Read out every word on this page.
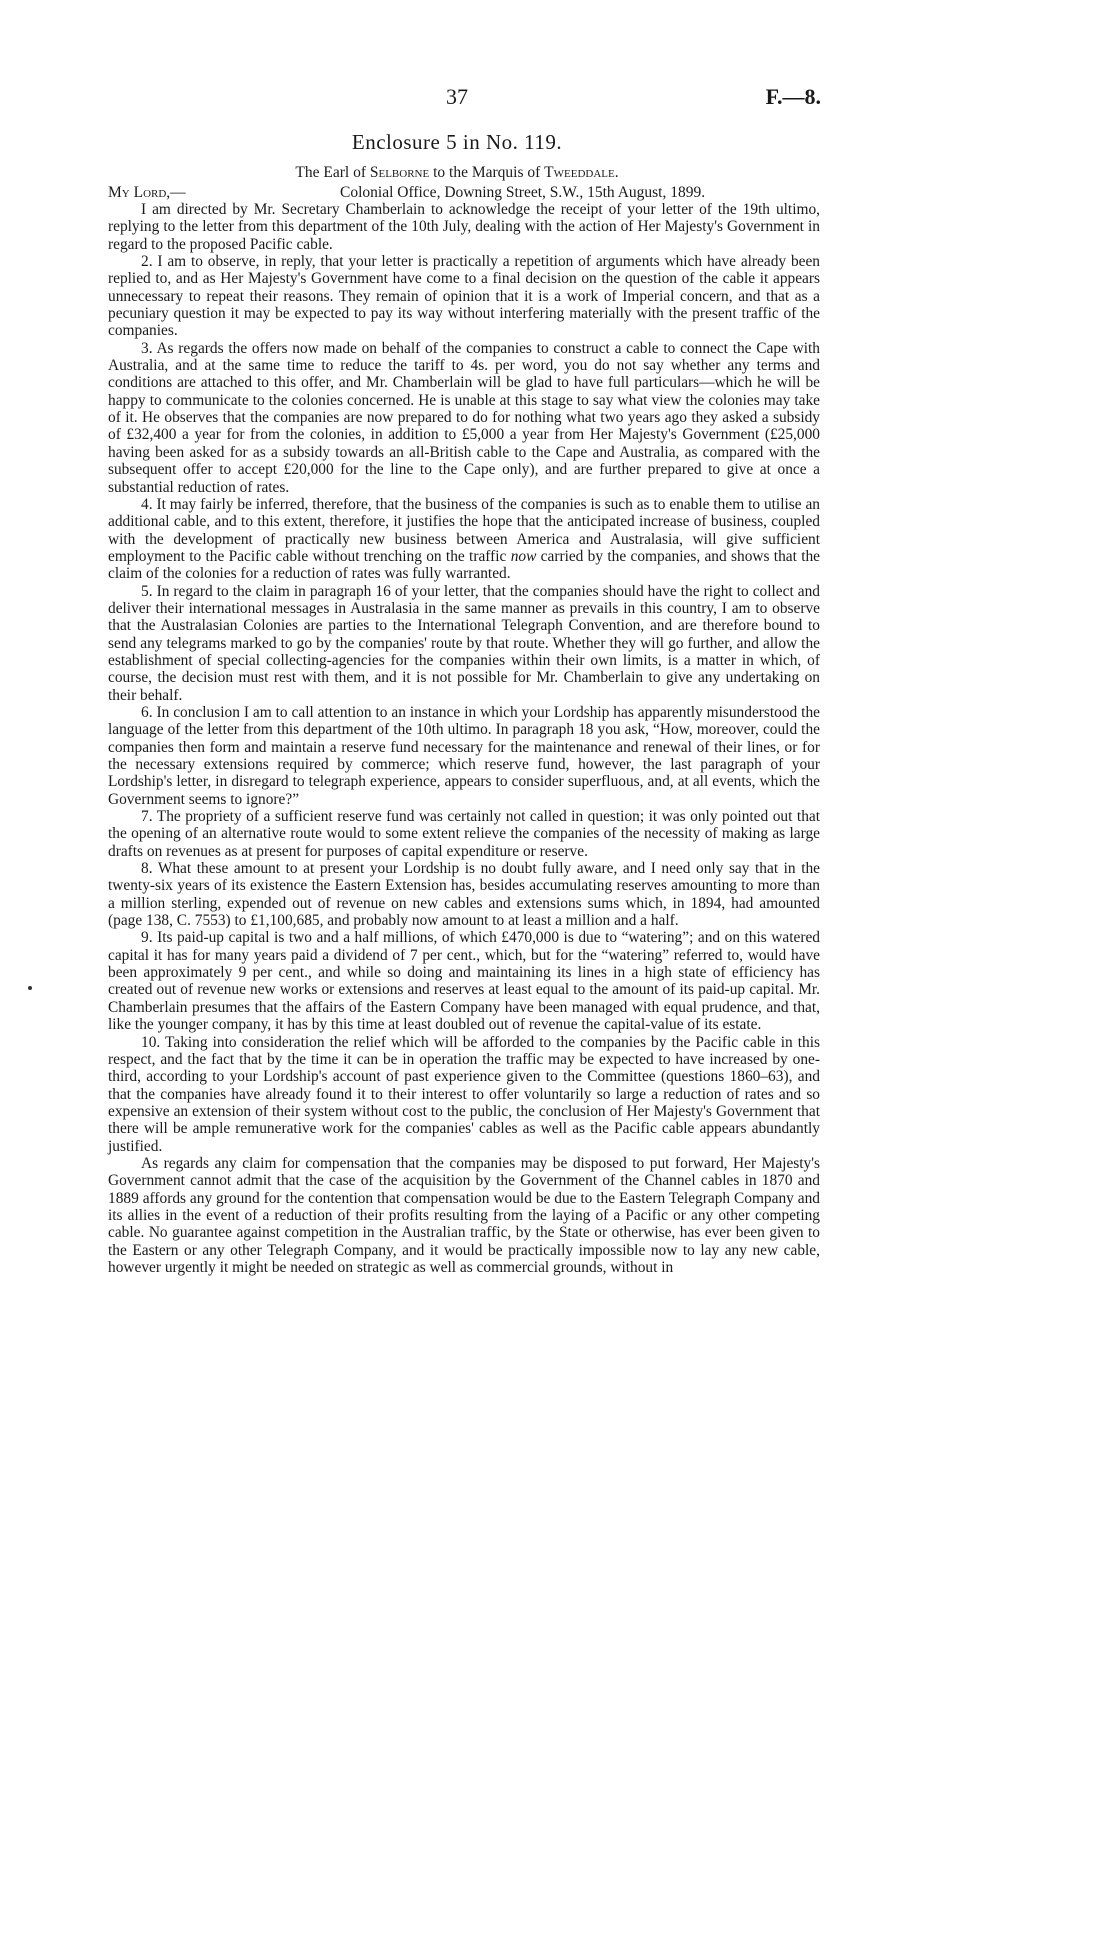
37	F.—8.
Enclosure 5 in No. 119.
The Earl of Selborne to the Marquis of Tweeddale.
My Lord,—	Colonial Office, Downing Street, S.W., 15th August, 1899.

I am directed by Mr. Secretary Chamberlain to acknowledge the receipt of your letter of the 19th ultimo, replying to the letter from this department of the 10th July, dealing with the action of Her Majesty's Government in regard to the proposed Pacific cable.

2. I am to observe, in reply, that your letter is practically a repetition of arguments which have already been replied to, and as Her Majesty's Government have come to a final decision on the question of the cable it appears unnecessary to repeat their reasons. They remain of opinion that it is a work of Imperial concern, and that as a pecuniary question it may be expected to pay its way without interfering materially with the present traffic of the companies.

3. As regards the offers now made on behalf of the companies to construct a cable to connect the Cape with Australia, and at the same time to reduce the tariff to 4s. per word, you do not say whether any terms and conditions are attached to this offer, and Mr. Chamberlain will be glad to have full particulars—which he will be happy to communicate to the colonies concerned. He is unable at this stage to say what view the colonies may take of it. He observes that the companies are now prepared to do for nothing what two years ago they asked a subsidy of £32,400 a year for from the colonies, in addition to £5,000 a year from Her Majesty's Government (£25,000 having been asked for as a subsidy towards an all-British cable to the Cape and Australia, as compared with the subsequent offer to accept £20,000 for the line to the Cape only), and are further prepared to give at once a substantial reduction of rates.

4. It may fairly be inferred, therefore, that the business of the companies is such as to enable them to utilise an additional cable, and to this extent, therefore, it justifies the hope that the anticipated increase of business, coupled with the development of practically new business between America and Australasia, will give sufficient employment to the Pacific cable without trenching on the traffic now carried by the companies, and shows that the claim of the colonies for a reduction of rates was fully warranted.

5. In regard to the claim in paragraph 16 of your letter, that the companies should have the right to collect and deliver their international messages in Australasia in the same manner as prevails in this country, I am to observe that the Australasian Colonies are parties to the International Telegraph Convention, and are therefore bound to send any telegrams marked to go by the companies' route by that route. Whether they will go further, and allow the establishment of special collecting-agencies for the companies within their own limits, is a matter in which, of course, the decision must rest with them, and it is not possible for Mr. Chamberlain to give any undertaking on their behalf.

6. In conclusion I am to call attention to an instance in which your Lordship has apparently misunderstood the language of the letter from this department of the 10th ultimo. In paragraph 18 you ask, “How, moreover, could the companies then form and maintain a reserve fund necessary for the maintenance and renewal of their lines, or for the necessary extensions required by commerce; which reserve fund, however, the last paragraph of your Lordship's letter, in disregard to telegraph experience, appears to consider superfluous, and, at all events, which the Government seems to ignore?”

7. The propriety of a sufficient reserve fund was certainly not called in question; it was only pointed out that the opening of an alternative route would to some extent relieve the companies of the necessity of making as large drafts on revenues as at present for purposes of capital expenditure or reserve.

8. What these amount to at present your Lordship is no doubt fully aware, and I need only say that in the twenty-six years of its existence the Eastern Extension has, besides accumulating reserves amounting to more than a million sterling, expended out of revenue on new cables and extensions sums which, in 1894, had amounted (page 138, C. 7553) to £1,100,685, and probably now amount to at least a million and a half.

9. Its paid-up capital is two and a half millions, of which £470,000 is due to “watering”; and on this watered capital it has for many years paid a dividend of 7 per cent., which, but for the “watering” referred to, would have been approximately 9 per cent., and while so doing and maintaining its lines in a high state of efficiency has created out of revenue new works or extensions and reserves at least equal to the amount of its paid-up capital. Mr. Chamberlain presumes that the affairs of the Eastern Company have been managed with equal prudence, and that, like the younger company, it has by this time at least doubled out of revenue the capital-value of its estate.

10. Taking into consideration the relief which will be afforded to the companies by the Pacific cable in this respect, and the fact that by the time it can be in operation the traffic may be expected to have increased by one-third, according to your Lordship's account of past experience given to the Committee (questions 1860–63), and that the companies have already found it to their interest to offer voluntarily so large a reduction of rates and so expensive an extension of their system without cost to the public, the conclusion of Her Majesty's Government that there will be ample remunerative work for the companies' cables as well as the Pacific cable appears abundantly justified.

As regards any claim for compensation that the companies may be disposed to put forward, Her Majesty's Government cannot admit that the case of the acquisition by the Government of the Channel cables in 1870 and 1889 affords any ground for the contention that compensation would be due to the Eastern Telegraph Company and its allies in the event of a reduction of their profits resulting from the laying of a Pacific or any other competing cable. No guarantee against competition in the Australian traffic, by the State or otherwise, has ever been given to the Eastern or any other Telegraph Company, and it would be practically impossible now to lay any new cable, however urgently it might be needed on strategic as well as commercial grounds, without in
